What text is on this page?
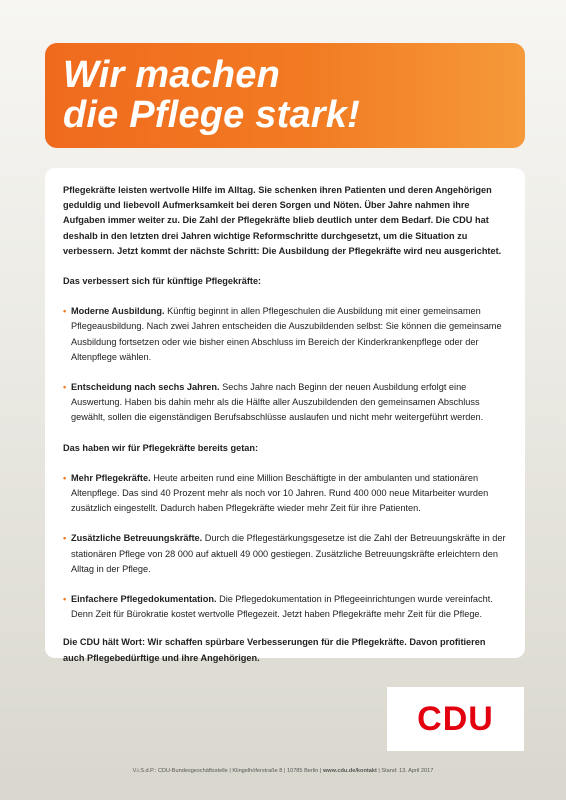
Wir machen
die Pflege stark!

Pflegekräfte leisten wertvolle Hilfe im Alltag. Sie schenken ihren Patienten und deren Angehörigen geduldig und liebevoll Aufmerksamkeit bei deren Sorgen und Nöten. Über Jahre nahmen ihre Aufgaben immer weiter zu. Die Zahl der Pflegekräfte blieb deutlich unter dem Bedarf. Die CDU hat deshalb in den letzten drei Jahren wichtige Reformschritte durchgesetzt, um die Situation zu verbessern. Jetzt kommt der nächste Schritt: Die Ausbildung der Pflegekräfte wird neu ausgerichtet.

Das verbessert sich für künftige Pflegekräfte:

• Moderne Ausbildung. Künftig beginnt in allen Pflegeschulen die Ausbildung mit einer gemeinsamen Pflegeausbildung. Nach zwei Jahren entscheiden die Auszubildenden selbst: Sie können die gemeinsame Ausbildung fortsetzen oder wie bisher einen Abschluss im Bereich der Kinderkrankenpflege oder der Altenpflege wählen.
• Entscheidung nach sechs Jahren. Sechs Jahre nach Beginn der neuen Ausbildung erfolgt eine Auswertung. Haben bis dahin mehr als die Hälfte aller Auszubildenden den gemeinsamen Abschluss gewählt, sollen die eigenständigen Berufsabschlüsse auslaufen und nicht mehr weitergeführt werden.

Das haben wir für Pflegekräfte bereits getan:

• Mehr Pflegekräfte. Heute arbeiten rund eine Million Beschäftigte in der ambulanten und stationären Altenpflege. Das sind 40 Prozent mehr als noch vor 10 Jahren. Rund 400 000 neue Mitarbeiter wurden zusätzlich eingestellt. Dadurch haben Pflegekräfte wieder mehr Zeit für ihre Patienten.
• Zusätzliche Betreuungskräfte. Durch die Pflegestärkungsgesetze ist die Zahl der Betreuungskräfte in der stationären Pflege von 28 000 auf aktuell 49 000 gestiegen. Zusätzliche Betreuungskräfte erleichtern den Alltag in der Pflege.
• Einfachere Pflegedokumentation. Die Pflegedokumentation in Pflegeeinrichtungen wurde vereinfacht. Denn Zeit für Bürokratie kostet wertvolle Pflegezeit. Jetzt haben Pflegekräfte mehr Zeit für die Pflege.

Die CDU hält Wort: Wir schaffen spürbare Verbesserungen für die Pflegekräfte. Davon profitieren auch Pflegebedürftige und ihre Angehörigen.

CDU
V.i.S.d.P.: CDU-Bundesgeschäftsstelle | Klingelhöferstraße 8 | 10785 Berlin | www.cdu.de/kontakt | Stand: 13. April 2017
